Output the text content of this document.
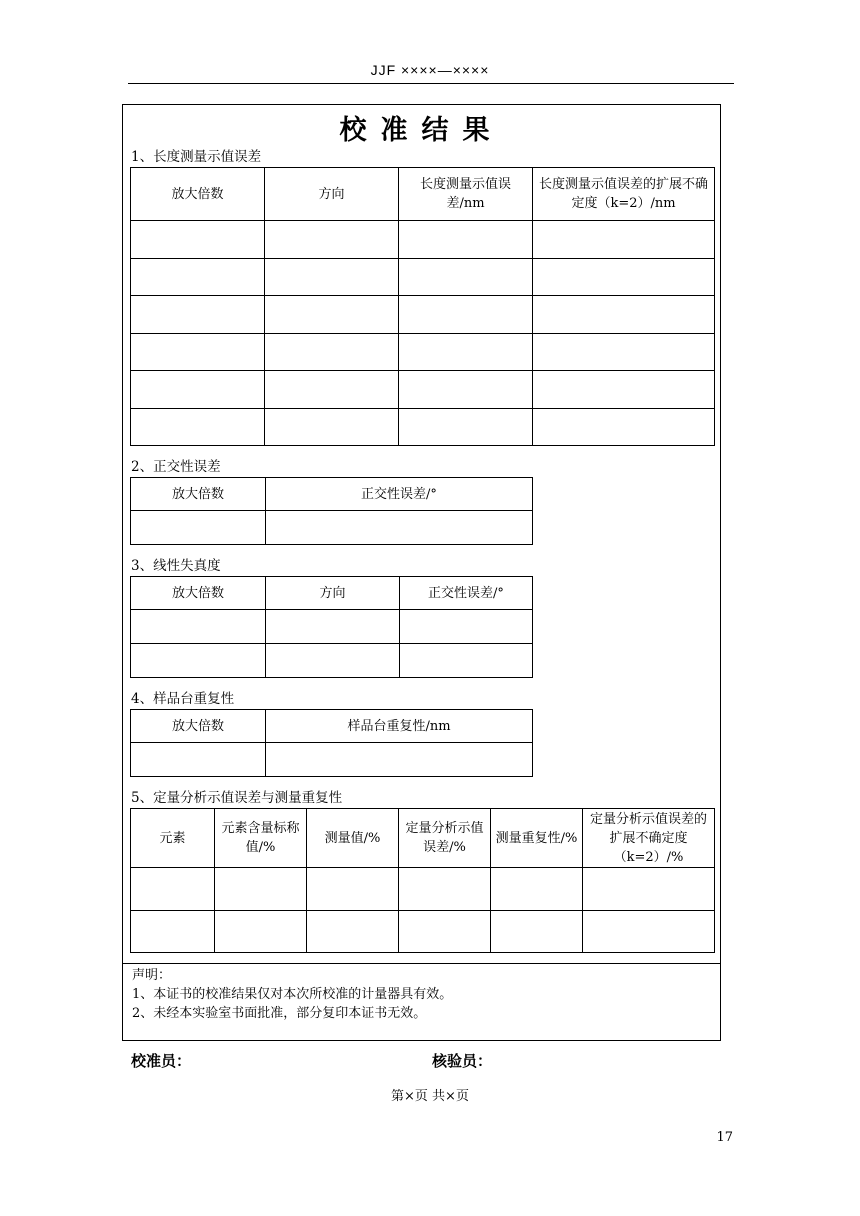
JJF ××××—××××
校准结果
1、长度测量示值误差
放大倍数	方向	长度测量示值误差/nm	长度测量示值误差的扩展不确定度（k=2）/nm

2、正交性误差
放大倍数	正交性误差/°

3、线性失真度
放大倍数	方向	正交性误差/°

4、样品台重复性
放大倍数	样品台重复性/nm

5、定量分析示值误差与测量重复性
元素	元素含量标称值/%	测量值/%	定量分析示值误差/%	测量重复性/%	定量分析示值误差的扩展不确定度（k=2）/%

声明：
1、本证书的校准结果仅对本次所校准的计量器具有效。
2、未经本实验室书面批准，部分复印本证书无效。
校准员：	核验员：
第×页 共×页
17
